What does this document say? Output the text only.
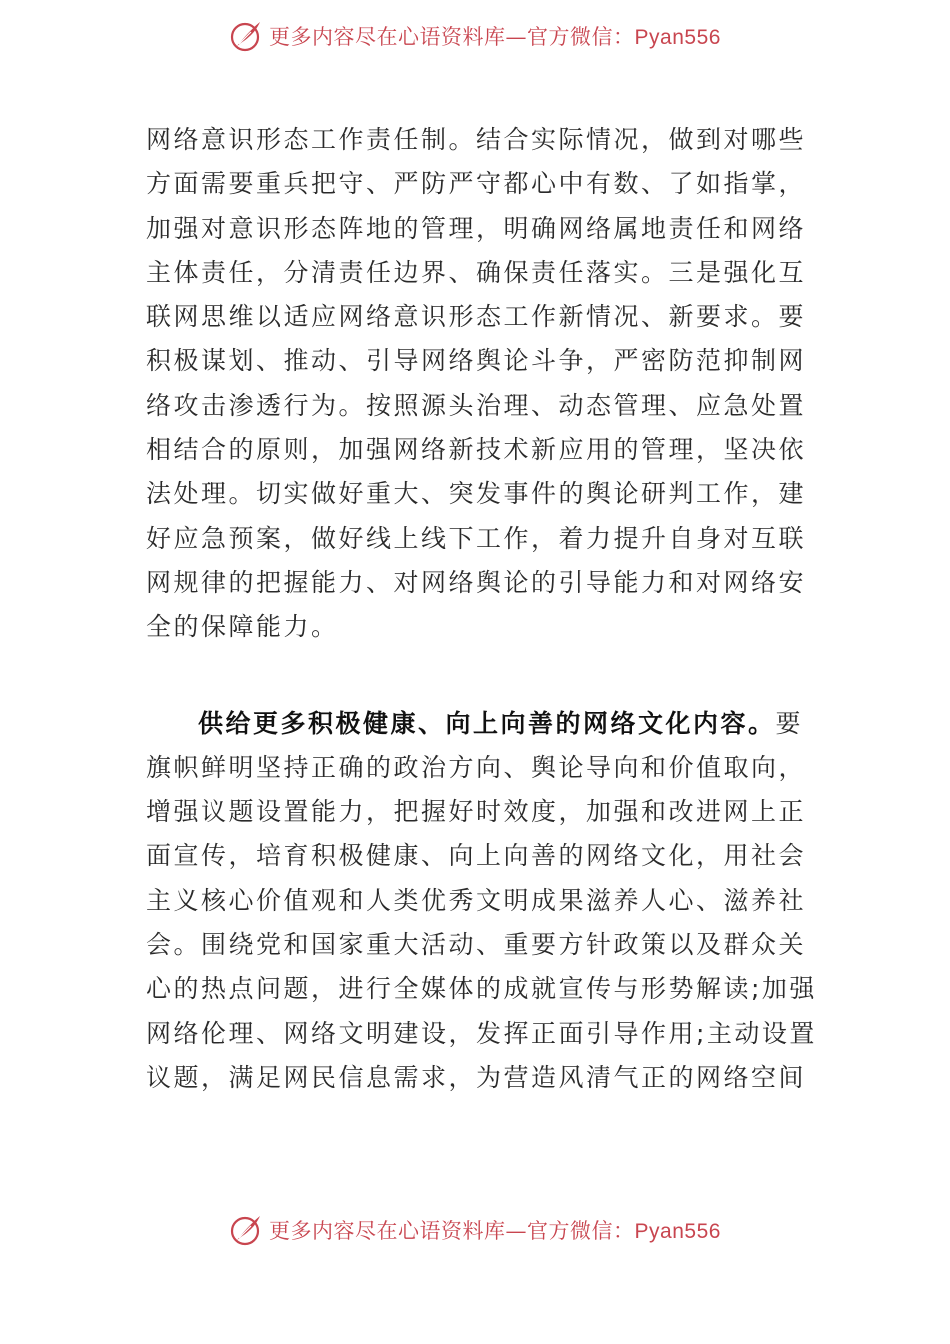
更多内容尽在心语资料库—官方微信：Pyan556
网络意识形态工作责任制。结合实际情况，做到对哪些
方面需要重兵把守、严防严守都心中有数、了如指掌，
加强对意识形态阵地的管理，明确网络属地责任和网络
主体责任，分清责任边界、确保责任落实。三是强化互
联网思维以适应网络意识形态工作新情况、新要求。要
积极谋划、推动、引导网络舆论斗争，严密防范抑制网
络攻击渗透行为。按照源头治理、动态管理、应急处置
相结合的原则，加强网络新技术新应用的管理，坚决依
法处理。切实做好重大、突发事件的舆论研判工作，建
好应急预案，做好线上线下工作，着力提升自身对互联
网规律的把握能力、对网络舆论的引导能力和对网络安
全的保障能力。
供给更多积极健康、向上向善的网络文化内容。要
旗帜鲜明坚持正确的政治方向、舆论导向和价值取向，
增强议题设置能力，把握好时效度，加强和改进网上正
面宣传，培育积极健康、向上向善的网络文化，用社会
主义核心价值观和人类优秀文明成果滋养人心、滋养社
会。围绕党和国家重大活动、重要方针政策以及群众关
心的热点问题，进行全媒体的成就宣传与形势解读;加强
网络伦理、网络文明建设，发挥正面引导作用;主动设置
议题，满足网民信息需求，为营造风清气正的网络空间
更多内容尽在心语资料库—官方微信：Pyan556
